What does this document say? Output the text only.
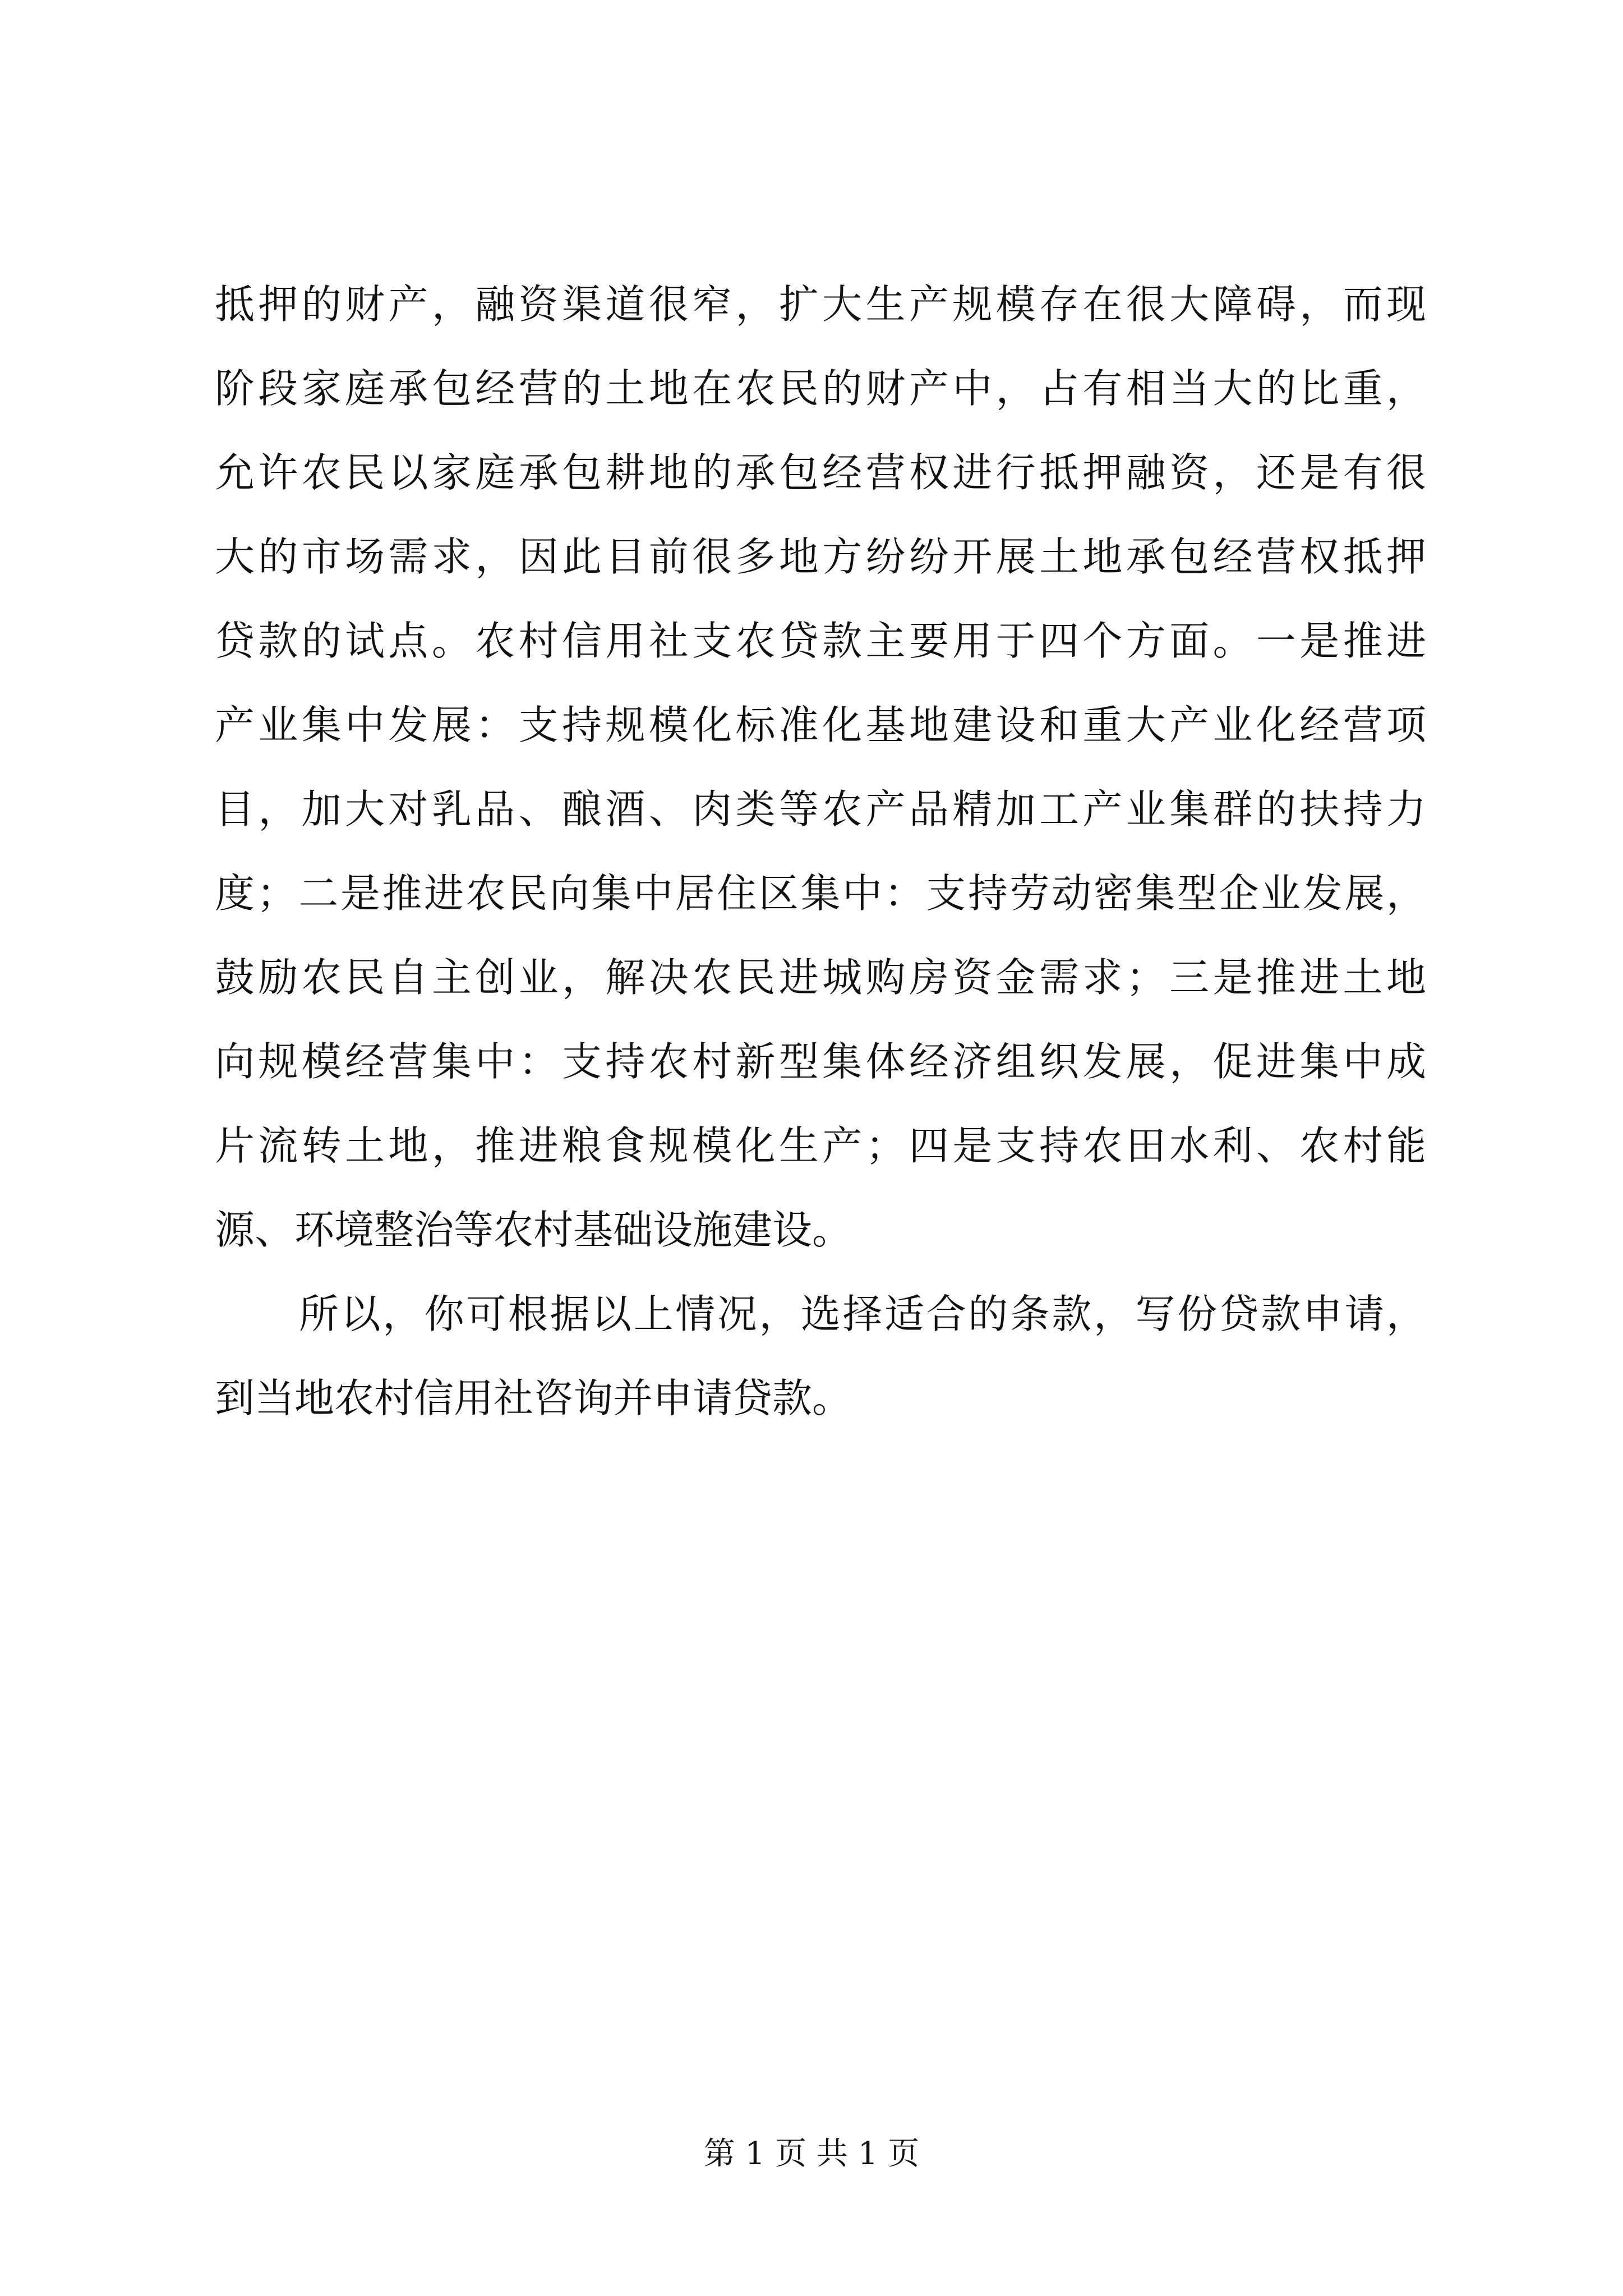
抵押的财产，融资渠道很窄，扩大生产规模存在很大障碍，而现
阶段家庭承包经营的土地在农民的财产中，占有相当大的比重，
允许农民以家庭承包耕地的承包经营权进行抵押融资，还是有很
大的市场需求，因此目前很多地方纷纷开展土地承包经营权抵押
贷款的试点。农村信用社支农贷款主要用于四个方面。一是推进
产业集中发展：支持规模化标准化基地建设和重大产业化经营项
目，加大对乳品、酿酒、肉类等农产品精加工产业集群的扶持力
度；二是推进农民向集中居住区集中：支持劳动密集型企业发展，
鼓励农民自主创业，解决农民进城购房资金需求；三是推进土地
向规模经营集中：支持农村新型集体经济组织发展，促进集中成
片流转土地，推进粮食规模化生产；四是支持农田水利、农村能
源、环境整治等农村基础设施建设。
所以，你可根据以上情况，选择适合的条款，写份贷款申请，
到当地农村信用社咨询并申请贷款。
第 1 页 共 1 页
